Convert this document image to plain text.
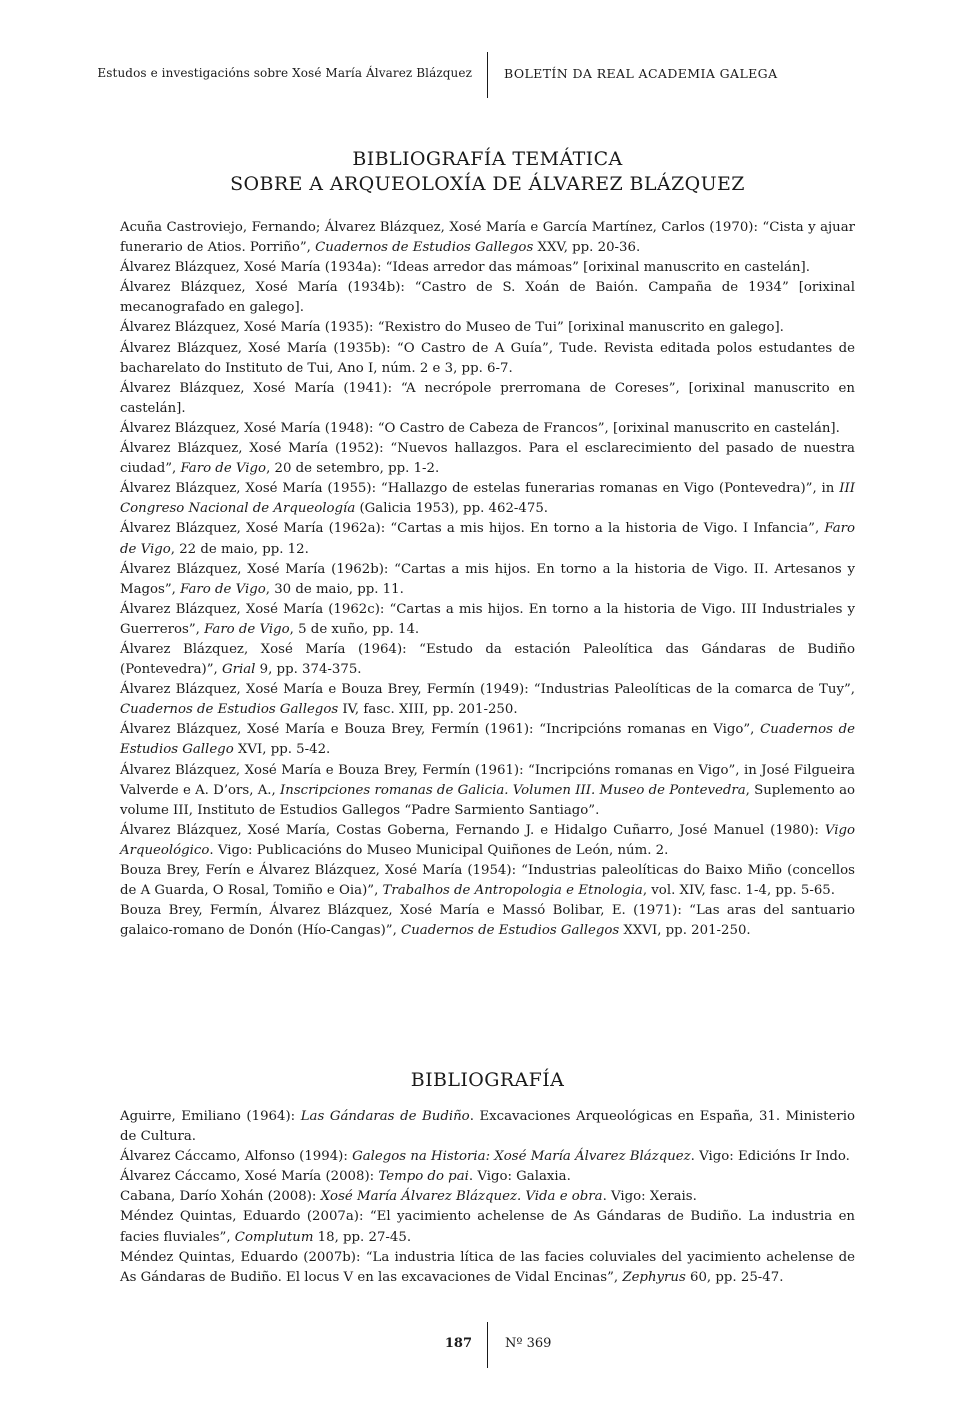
Estudos e investigacións sobre Xosé María Álvarez Blázquez	BOLETÍN DA REAL ACADEMIA GALEGA
BIBLIOGRAFÍA TEMÁTICA
SOBRE A ARQUEOLOXÍA DE ÁLVAREZ BLÁZQUEZ

Acuña Castroviejo, Fernando; Álvarez Blázquez, Xosé María e García Martínez, Carlos (1970): “Cista y ajuar funerario de Atios. Porriño”, Cuadernos de Estudios Gallegos XXV, pp. 20-36.

Álvarez Blázquez, Xosé María (1934a): “Ideas arredor das mámoas” [orixinal manuscrito en castelán].

Álvarez Blázquez, Xosé María (1934b): “Castro de S. Xoán de Baión. Campaña de 1934” [orixinal mecanografado en galego].

Álvarez Blázquez, Xosé María (1935): “Rexistro do Museo de Tui” [orixinal manuscrito en galego].

Álvarez Blázquez, Xosé María (1935b): “O Castro de A Guía”, Tude. Revista editada polos estudantes de bacharelato do Instituto de Tui, Ano I, núm. 2 e 3, pp. 6-7.

Álvarez Blázquez, Xosé María (1941): “A necrópole prerromana de Coreses”, [orixinal manuscrito en castelán].

Álvarez Blázquez, Xosé María (1948): “O Castro de Cabeza de Francos”, [orixinal manuscrito en castelán].

Álvarez Blázquez, Xosé María (1952): “Nuevos hallazgos. Para el esclarecimiento del pasado de nuestra ciudad”, Faro de Vigo, 20 de setembro, pp. 1-2.

Álvarez Blázquez, Xosé María (1955): “Hallazgo de estelas funerarias romanas en Vigo (Pontevedra)”, in III Congreso Nacional de Arqueología (Galicia 1953), pp. 462-475.

Álvarez Blázquez, Xosé María (1962a): “Cartas a mis hijos. En torno a la historia de Vigo. I Infancia”, Faro de Vigo, 22 de maio, pp. 12.

Álvarez Blázquez, Xosé María (1962b): “Cartas a mis hijos. En torno a la historia de Vigo. II. Artesanos y Magos”, Faro de Vigo, 30 de maio, pp. 11.

Álvarez Blázquez, Xosé María (1962c): “Cartas a mis hijos. En torno a la historia de Vigo. III Industriales y Guerreros”, Faro de Vigo, 5 de xuño, pp. 14.

Álvarez Blázquez, Xosé María (1964): “Estudo da estación Paleolítica das Gándaras de Budiño (Pontevedra)”, Grial 9, pp. 374-375.

Álvarez Blázquez, Xosé María e Bouza Brey, Fermín (1949): “Industrias Paleolíticas de la comarca de Tuy”, Cuadernos de Estudios Gallegos IV, fasc. XIII, pp. 201-250.

Álvarez Blázquez, Xosé María e Bouza Brey, Fermín (1961): “Incripcións romanas en Vigo”, Cuadernos de Estudios Gallego XVI, pp. 5-42.

Álvarez Blázquez, Xosé María e Bouza Brey, Fermín (1961): “Incripcións romanas en Vigo”, in José Filgueira Valverde e A. D’ors, A., Inscripciones romanas de Galicia. Volumen III. Museo de Pontevedra, Suplemento ao volume III, Instituto de Estudios Gallegos “Padre Sarmiento Santiago”.

Álvarez Blázquez, Xosé María, Costas Goberna, Fernando J. e Hidalgo Cuñarro, José Manuel (1980): Vigo Arqueológico. Vigo: Publicacións do Museo Municipal Quiñones de León, núm. 2.

Bouza Brey, Ferín e Álvarez Blázquez, Xosé María (1954): “Industrias paleolíticas do Baixo Miño (concellos de A Guarda, O Rosal, Tomiño e Oia)”, Trabalhos de Antropologia e Etnologia, vol. XIV, fasc. 1-4, pp. 5-65.

Bouza Brey, Fermín, Álvarez Blázquez, Xosé María e Massó Bolibar, E. (1971): “Las aras del santuario galaico-romano de Donón (Hío-Cangas)”, Cuadernos de Estudios Gallegos XXVI, pp. 201-250.

BIBLIOGRAFÍA

Aguirre, Emiliano (1964): Las Gándaras de Budiño. Excavaciones Arqueológicas en España, 31. Ministerio de Cultura.

Álvarez Cáccamo, Alfonso (1994): Galegos na Historia: Xosé María Álvarez Blázquez. Vigo: Edicións Ir Indo.

Álvarez Cáccamo, Xosé María (2008): Tempo do pai. Vigo: Galaxia.

Cabana, Darío Xohán (2008): Xosé María Álvarez Blázquez. Vida e obra. Vigo: Xerais.

Méndez Quintas, Eduardo (2007a): “El yacimiento achelense de As Gándaras de Budiño. La industria en facies fluviales”, Complutum 18, pp. 27-45.

Méndez Quintas, Eduardo (2007b): “La industria lítica de las facies coluviales del yacimiento achelense de As Gándaras de Budiño. El locus V en las excavaciones de Vidal Encinas”, Zephyrus 60, pp. 25-47.

187	Nº 369
